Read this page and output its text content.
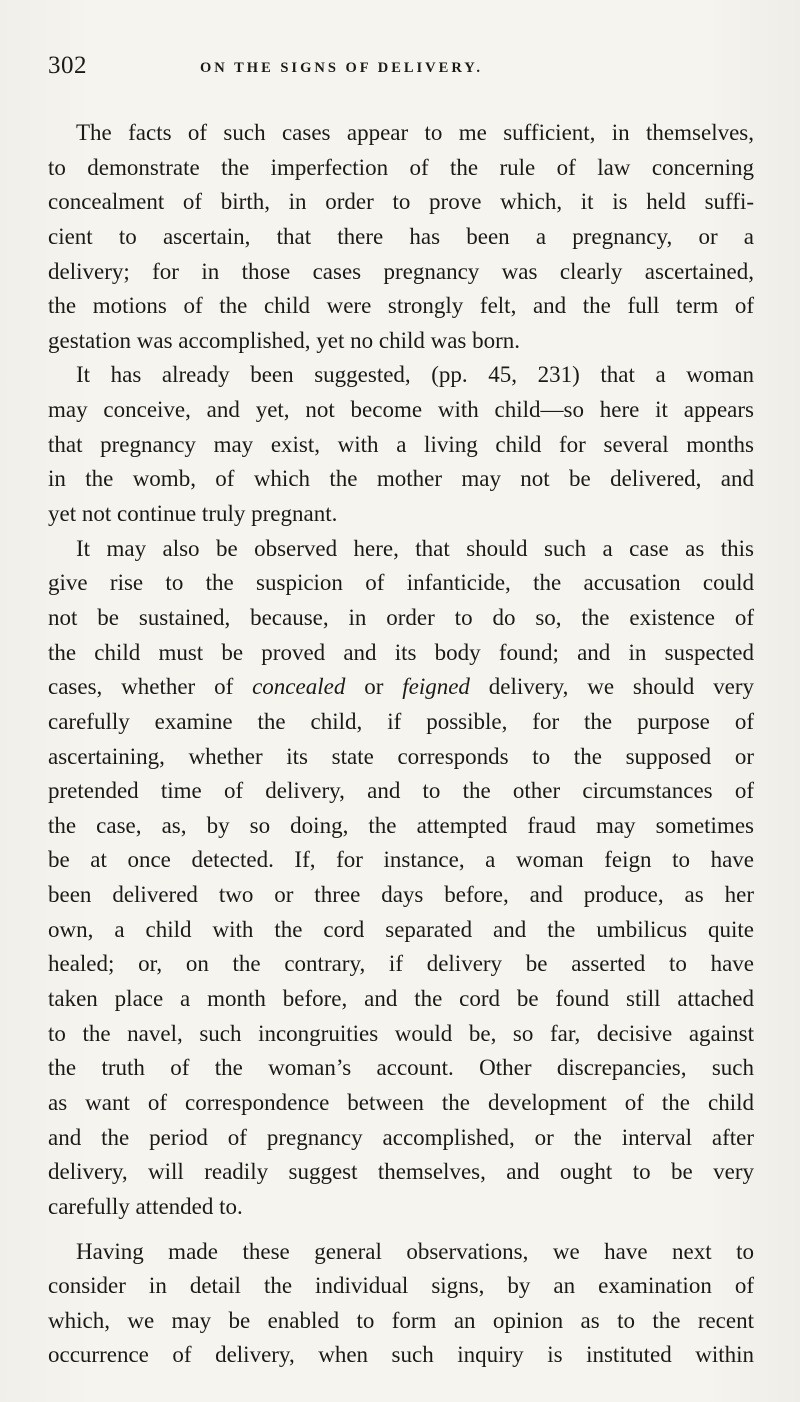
302	ON THE SIGNS OF DELIVERY.
The facts of such cases appear to me sufficient, in themselves,
to demonstrate the imperfection of the rule of law concerning
concealment of birth, in order to prove which, it is held suffi-
cient to ascertain, that there has been a pregnancy, or a
delivery; for in those cases pregnancy was clearly ascertained,
the motions of the child were strongly felt, and the full term of
gestation was accomplished, yet no child was born.
It has already been suggested, (pp. 45, 231) that a woman
may conceive, and yet, not become with child—so here it appears
that pregnancy may exist, with a living child for several months
in the womb, of which the mother may not be delivered, and
yet not continue truly pregnant.
It may also be observed here, that should such a case as this
give rise to the suspicion of infanticide, the accusation could
not be sustained, because, in order to do so, the existence of
the child must be proved and its body found; and in suspected
cases, whether of concealed or feigned delivery, we should very
carefully examine the child, if possible, for the purpose of
ascertaining, whether its state corresponds to the supposed or
pretended time of delivery, and to the other circumstances of
the case, as, by so doing, the attempted fraud may sometimes
be at once detected. If, for instance, a woman feign to have
been delivered two or three days before, and produce, as her
own, a child with the cord separated and the umbilicus quite
healed; or, on the contrary, if delivery be asserted to have
taken place a month before, and the cord be found still attached
to the navel, such incongruities would be, so far, decisive against
the truth of the woman’s account. Other discrepancies, such
as want of correspondence between the development of the child
and the period of pregnancy accomplished, or the interval after
delivery, will readily suggest themselves, and ought to be very
carefully attended to.
Having made these general observations, we have next to
consider in detail the individual signs, by an examination of
which, we may be enabled to form an opinion as to the recent
occurrence of delivery, when such inquiry is instituted within
